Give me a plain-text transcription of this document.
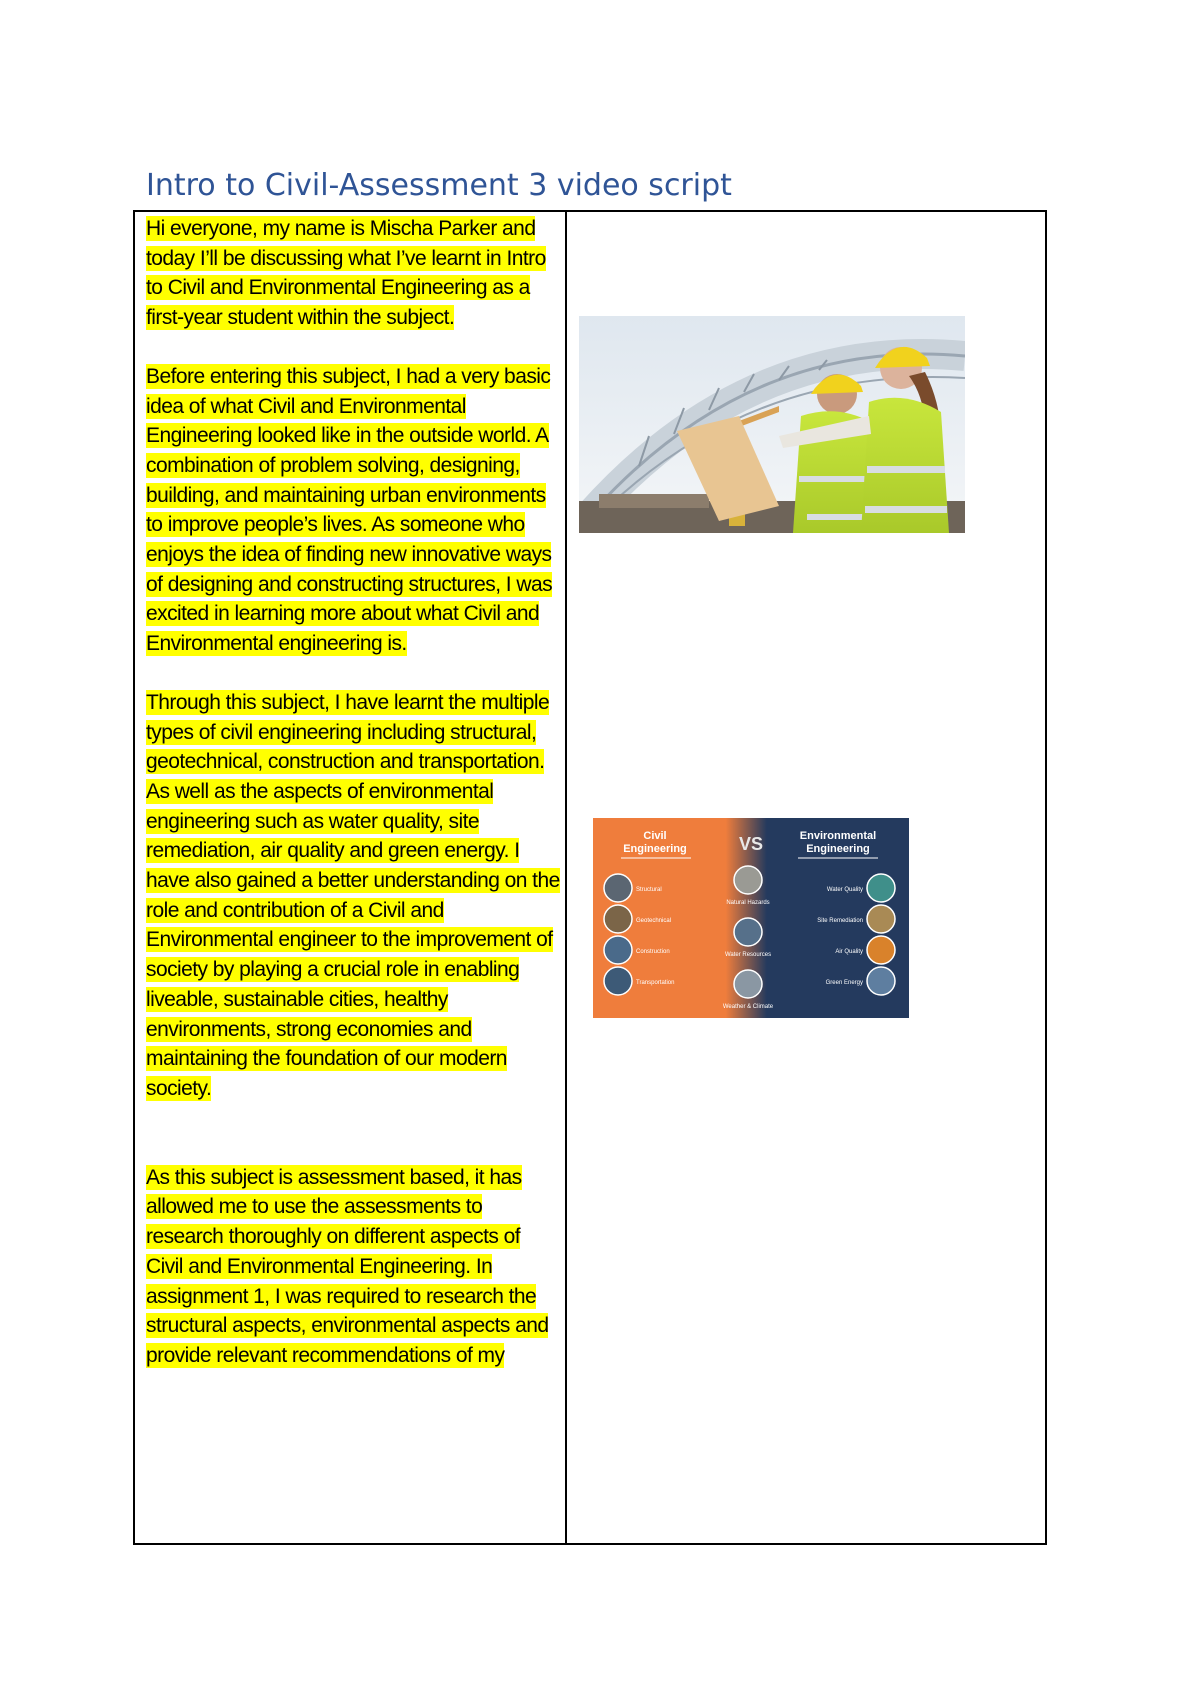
Intro to Civil-Assessment 3 video script

Hi everyone, my name is Mischa Parker and today I’ll be discussing what I’ve learnt in Intro to Civil and Environmental Engineering as a first-year student within the subject.

Before entering this subject, I had a very basic idea of what Civil and Environmental Engineering looked like in the outside world. A combination of problem solving, designing, building, and maintaining urban environments to improve people’s lives. As someone who enjoys the idea of finding new innovative ways of designing and constructing structures, I was excited in learning more about what Civil and Environmental engineering is.

Through this subject, I have learnt the multiple types of civil engineering including structural, geotechnical, construction and transportation. As well as the aspects of environmental engineering such as water quality, site remediation, air quality and green energy. I have also gained a better understanding on the role and contribution of a Civil and Environmental engineer to the improvement of society by playing a crucial role in enabling liveable, sustainable cities, healthy environments, strong economies and maintaining the foundation of our modern society.

As this subject is assessment based, it has allowed me to use the assessments to research thoroughly on different aspects of Civil and Environmental Engineering. In assignment 1, I was required to research the structural aspects, environmental aspects and provide relevant recommendations of my

Civil
Engineering	VS	Environmental
Engineering
Structural
Geotechnical
Construction
Transportation
Natural Hazards
Water Resources
Weather & Climate
Water Quality
Site Remediation
Air Quality
Green Energy
